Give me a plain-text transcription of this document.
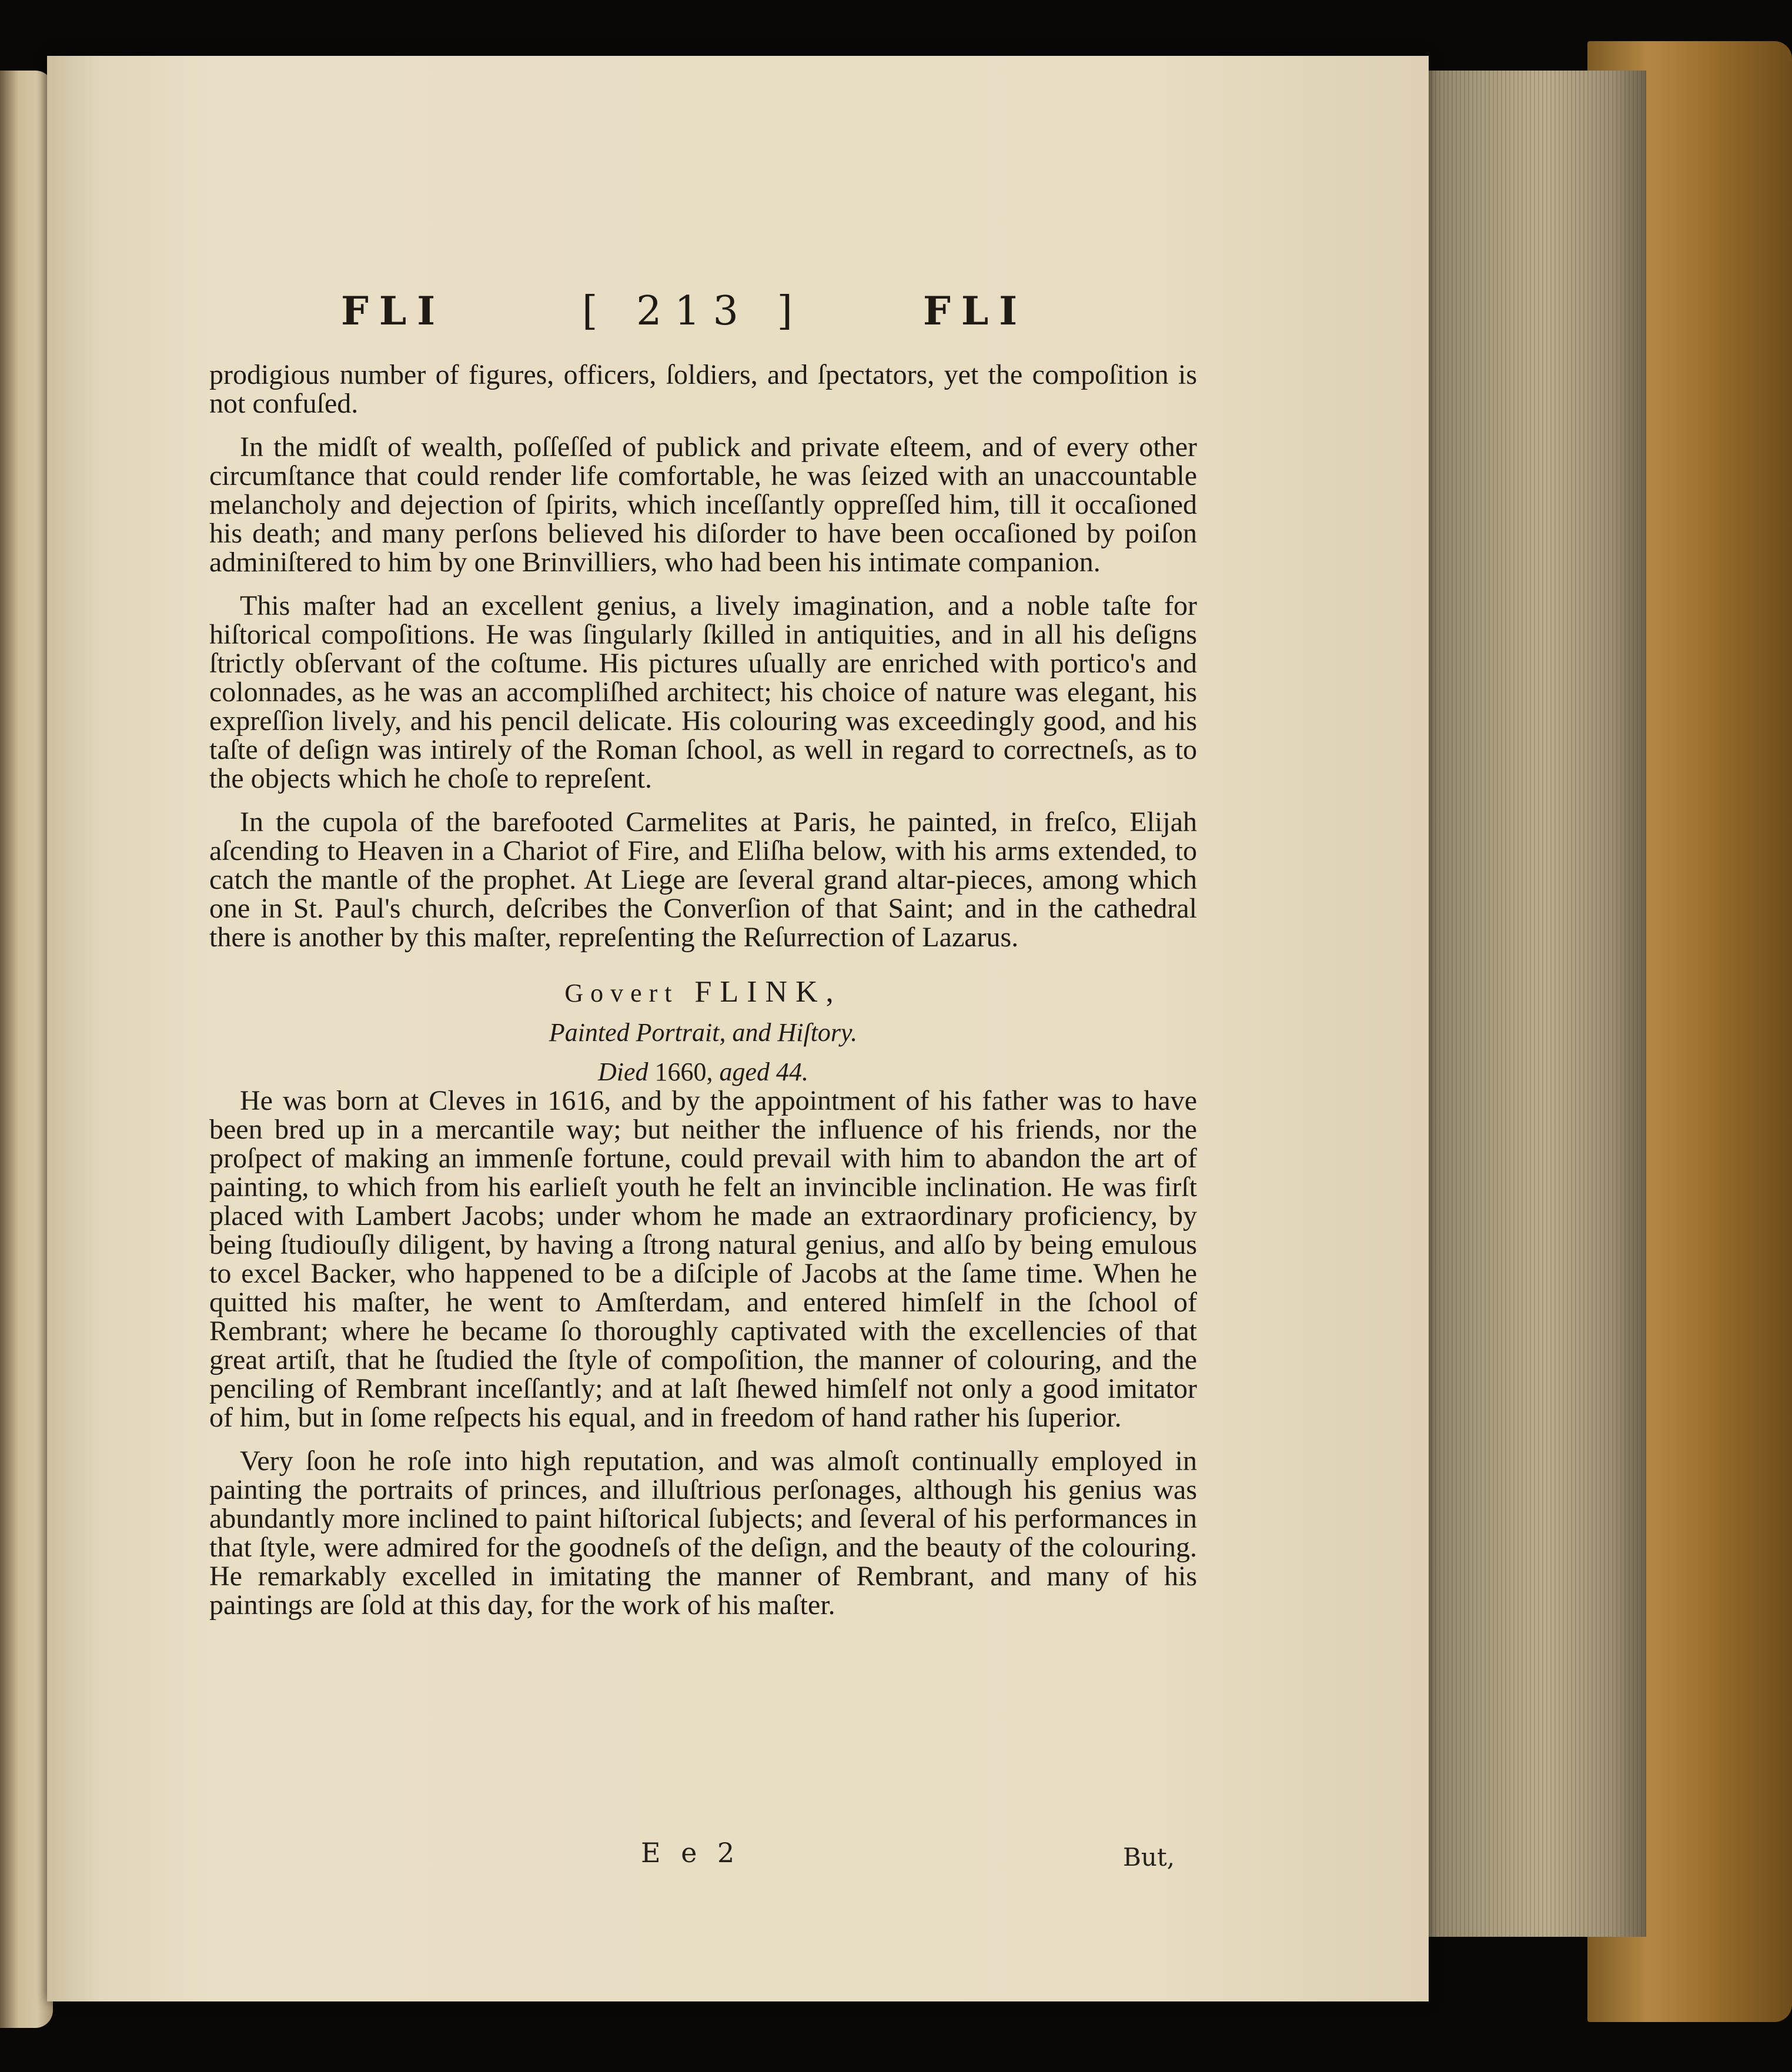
FLI	[ 213 ]	FLI

prodigious number of figures, officers, ſoldiers, and ſpectators, yet the compoſition is not confuſed.

In the midſt of wealth, poſſeſſed of publick and private eſteem, and of every other circumſtance that could render life comfortable, he was ſeized with an unaccountable melancholy and dejection of ſpirits, which inceſſantly oppreſſed him, till it occaſioned his death; and many perſons believed his diſorder to have been occaſioned by poiſon adminiſtered to him by one Brinvilliers, who had been his intimate companion.

This maſter had an excellent genius, a lively imagination, and a noble taſte for hiſtorical compoſitions. He was ſingularly ſkilled in antiquities, and in all his deſigns ſtrictly obſervant of the coſtume. His pictures uſually are enriched with portico's and colonnades, as he was an accompliſhed architect; his choice of nature was elegant, his expreſſion lively, and his pencil delicate. His colouring was exceedingly good, and his taſte of deſign was intirely of the Roman ſchool, as well in regard to correctneſs, as to the objects which he choſe to repreſent.

In the cupola of the barefooted Carmelites at Paris, he painted, in freſco, Elijah aſcending to Heaven in a Chariot of Fire, and Eliſha below, with his arms extended, to catch the mantle of the prophet. At Liege are ſeveral grand altar-pieces, among which one in St. Paul's church, deſcribes the Converſion of that Saint; and in the cathedral there is another by this maſter, repreſenting the Reſurrection of Lazarus.

Govert FLINK,
Painted Portrait, and Hiſtory.
Died 1660, aged 44.

He was born at Cleves in 1616, and by the appointment of his father was to have been bred up in a mercantile way; but neither the influence of his friends, nor the proſpect of making an immenſe fortune, could prevail with him to abandon the art of painting, to which from his earlieſt youth he felt an invincible inclination. He was firſt placed with Lambert Jacobs; under whom he made an extraordinary proficiency, by being ſtudiouſly diligent, by having a ſtrong natural genius, and alſo by being emulous to excel Backer, who happened to be a diſciple of Jacobs at the ſame time. When he quitted his maſter, he went to Amſterdam, and entered himſelf in the ſchool of Rembrant; where he became ſo thoroughly captivated with the excellencies of that great artiſt, that he ſtudied the ſtyle of compoſition, the manner of colouring, and the penciling of Rembrant inceſſantly; and at laſt ſhewed himſelf not only a good imitator of him, but in ſome reſpects his equal, and in freedom of hand rather his ſuperior.

Very ſoon he roſe into high reputation, and was almoſt continually employed in painting the portraits of princes, and illuſtrious perſonages, although his genius was abundantly more inclined to paint hiſtorical ſubjects; and ſeveral of his performances in that ſtyle, were admired for the goodneſs of the deſign, and the beauty of the colouring. He remarkably excelled in imitating the manner of Rembrant, and many of his paintings are ſold at this day, for the work of his maſter.

E e 2	But,
